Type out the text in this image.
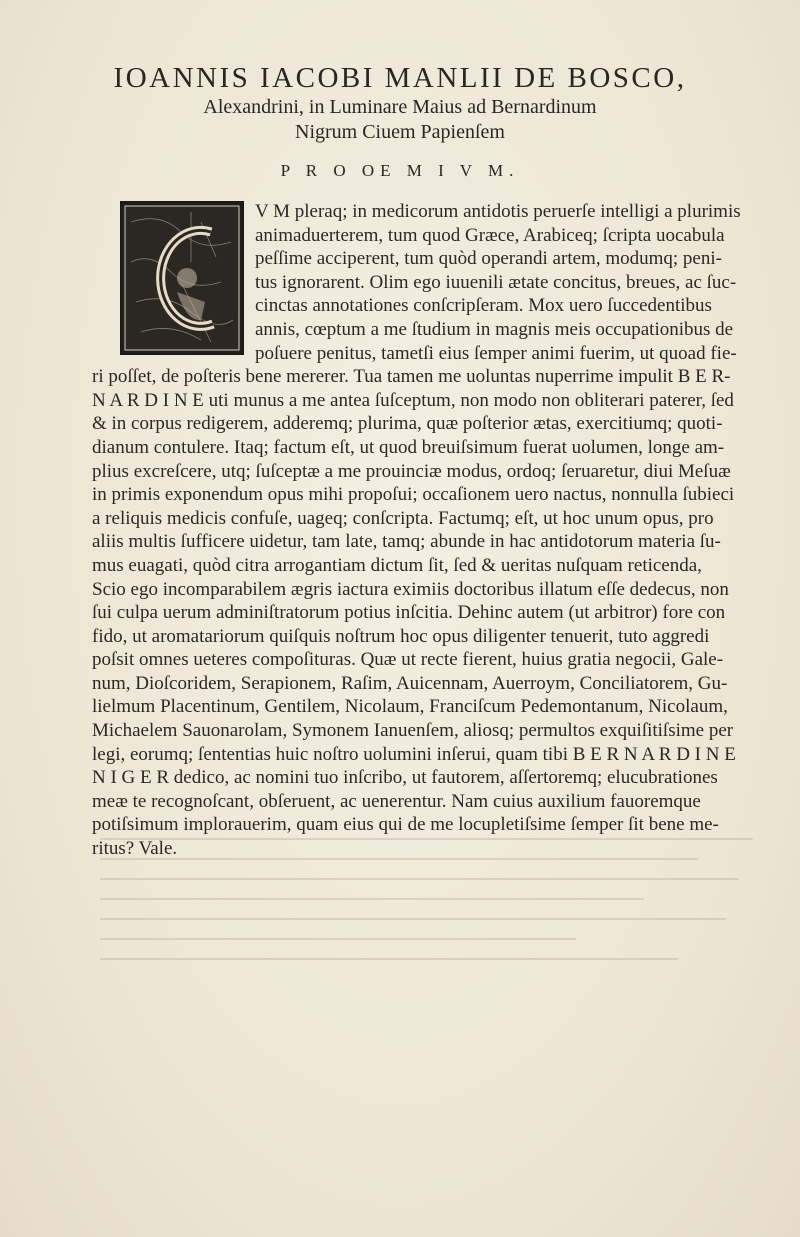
IOANNIS IACOBI MANLII DE BOSCO,
Alexandrini, in Luminare Maius ad Bernardinum
Nigrum Ciuem Papienſem
P R O OE M I V M.
V M pleraq; in medicorum antidotis peruerſe intelligi a plurimis
animaduerterem, tum quod Græce, Arabiceq; ſcripta uocabula
peſſime acciperent, tum quòd operandi artem, modumq; peni-
tus ignorarent. Olim ego iuuenili ætate concitus, breues, ac ſuc-
cinctas annotationes conſcripſeram. Mox uero ſuccedentibus
annis, cœptum a me ſtudium in magnis meis occupationibus de
poſuere penitus, tametſi eius ſemper animi fuerim, ut quoad fie-
ri poſſet, de poſteris bene mererer. Tua tamen me uoluntas nuperrime impulit B E R-
N A R D I N E uti munus a me antea ſuſceptum, non modo non obliterari paterer, ſed
& in corpus redigerem, adderemq; plurima, quæ poſterior ætas, exercitiumq; quoti-
dianum contulere. Itaq; factum eſt, ut quod breuiſsimum fuerat uolumen, longe am-
plius excreſcere, utq; ſuſceptæ a me prouinciæ modus, ordoq; ſeruaretur, diui Meſuæ
in primis exponendum opus mihi propoſui; occaſionem uero nactus, nonnulla ſubieci
a reliquis medicis confuſe, uageq; conſcripta. Factumq; eſt, ut hoc unum opus, pro
aliis multis ſufficere uidetur, tam late, tamq; abunde in hac antidotorum materia ſu-
mus euagati, quòd citra arrogantiam dictum ſit, ſed & ueritas nuſquam reticenda,
Scio ego incomparabilem ægris iactura eximiis doctoribus illatum eſſe dedecus, non
ſui culpa uerum adminiſtratorum potius inſcitia. Dehinc autem (ut arbitror) fore con
fido, ut aromatariorum quiſquis noſtrum hoc opus diligenter tenuerit, tuto aggredi
poſsit omnes ueteres compoſituras. Quæ ut recte fierent, huius gratia negocii, Gale-
num, Dioſcoridem, Serapionem, Raſim, Auicennam, Auerroym, Conciliatorem, Gu-
lielmum Placentinum, Gentilem, Nicolaum, Franciſcum Pedemontanum, Nicolaum,
Michaelem Sauonarolam, Symonem Ianuenſem, aliosq; permultos exquiſitiſsime per
legi, eorumq; ſententias huic noſtro uolumini inſerui, quam tibi B E R N A R D I N E
N I G E R dedico, ac nomini tuo inſcribo, ut fautorem, aſſertoremq; elucubrationes
meæ te recognoſcant, obſeruent, ac uenerentur. Nam cuius auxilium fauoremque
potiſsimum implorauerim, quam eius qui de me locupletiſsime ſemper ſit bene me-
ritus? Vale.
